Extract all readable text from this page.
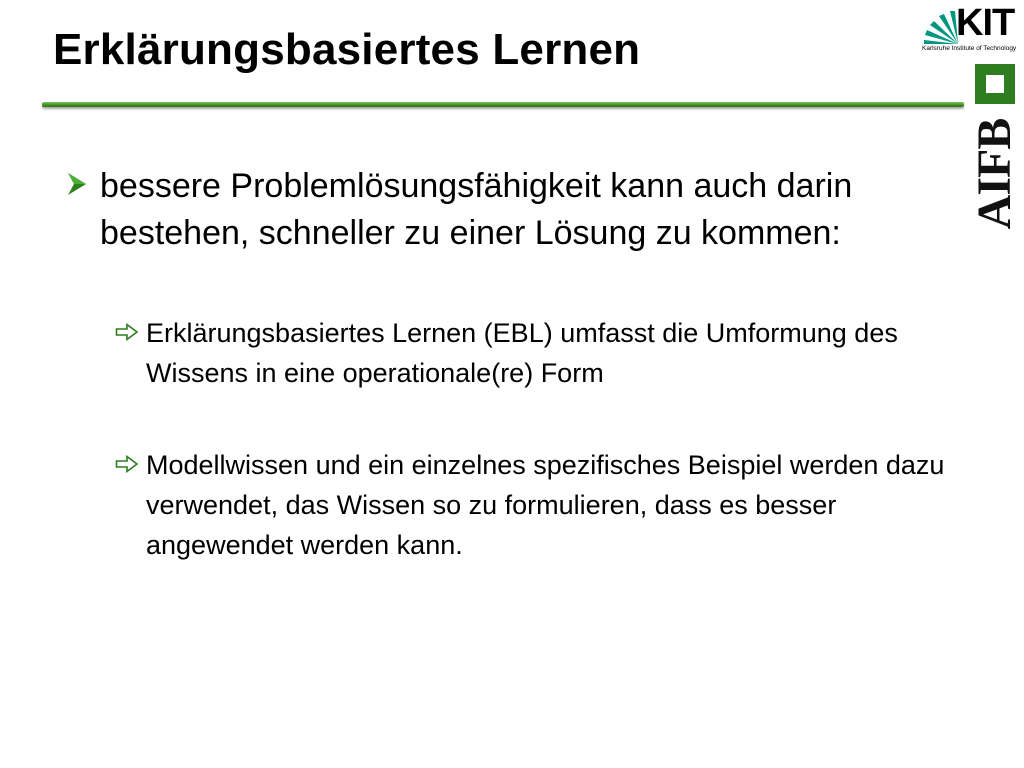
Erklärungsbasiertes Lernen
KIT
Karlsruhe Institute of Technology
AIFB
bessere Problemlösungsfähigkeit kann auch darin bestehen, schneller zu einer Lösung zu kommen:
Erklärungsbasiertes Lernen (EBL) umfasst die Umformung des Wissens in eine operationale(re) Form
Modellwissen und ein einzelnes spezifisches Beispiel werden dazu verwendet, das Wissen so zu formulieren, dass es besser angewendet werden kann.
